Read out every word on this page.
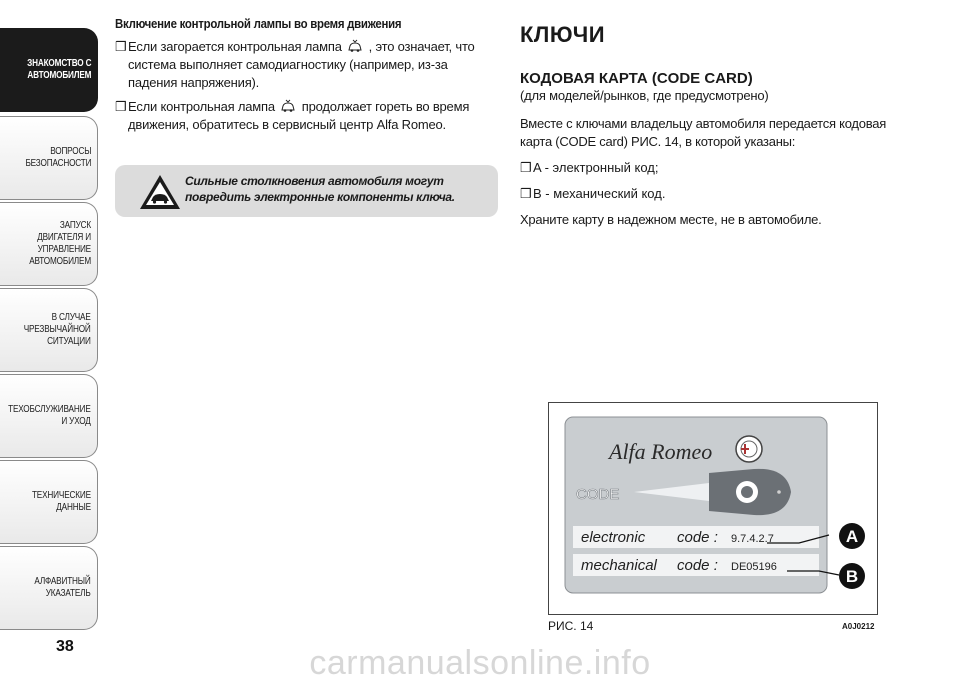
ЗНАКОМСТВО С
АВТОМОБИЛЕМ
ВОПРОСЫ
БЕЗОПАСНОСТИ
ЗАПУСК ДВИГАТЕЛЯ И
УПРАВЛЕНИЕ
АВТОМОБИЛЕМ
В СЛУЧАЕ
ЧРЕЗВЫЧАЙНОЙ
СИТУАЦИИ
ТЕХОБСЛУЖИВАНИЕ
И УХОД
ТЕХНИЧЕСКИЕ
ДАННЫЕ
АЛФАВИТНЫЙ
УКАЗАТЕЛЬ
38
Включение контрольной лампы во время движения
❒ Если загорается контрольная лампа , это означает, что система выполняет самодиагностику (например, из-за падения напряжения).
❒ Если контрольная лампа продолжает гореть во время движения, обратитесь в сервисный центр Alfa Romeo.
Сильные столкновения автомобиля могут повредить электронные компоненты ключа.
КЛЮЧИ
КОДОВАЯ КАРТА (CODE CARD)
(для моделей/рынков, где предусмотрено)
Вместе с ключами владельцу автомобиля передается кодовая карта (CODE card) РИС. 14, в которой указаны:
❒ A - электронный код;
❒ B - механический код.
Храните карту в надежном месте, не в автомобиле.
Alfa Romeo
CODE
electronic code : 9.7.4.2.7
mechanical code : DE05196
A
B
РИС. 14	A0J0212
carmanualsonline.info
